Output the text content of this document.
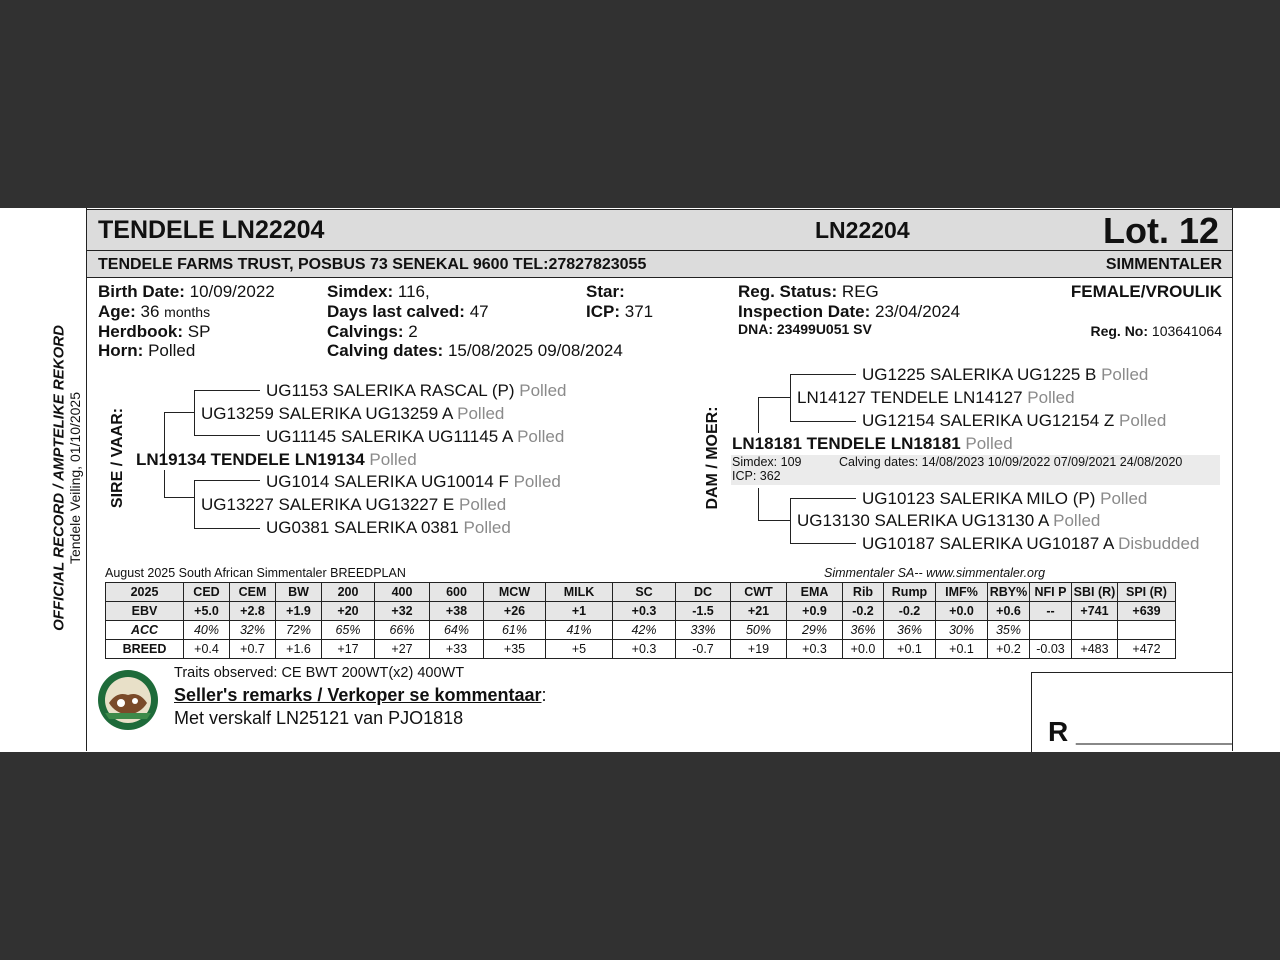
TENDELE LN22204	LN22204	Lot. 12
TENDELE FARMS TRUST, POSBUS 73 SENEKAL 9600 TEL:27827823055	SIMMENTALER
Birth Date: 10/09/2022
Age: 36 months
Herdbook: SP
Horn: Polled
Simdex: 116,
Days last calved: 47
Calvings: 2
Calving dates: 15/08/2025 09/08/2024
Star:
ICP: 371
Reg. Status: REG
Inspection Date: 23/04/2024
DNA: 23499U051 SV
FEMALE/VROULIK
Reg. No: 103641064
OFFICIAL RECORD / AMPTELIKE REKORD Tendele Veiling, 01/10/2025 SIRE / VAAR:	DAM / MOER:
UG1153 SALERIKA RASCAL (P) Polled
UG13259 SALERIKA UG13259 A Polled
UG11145 SALERIKA UG11145 A Polled
LN19134 TENDELE LN19134 Polled
UG1014 SALERIKA UG10014 F Polled
UG13227 SALERIKA UG13227 E Polled
UG0381 SALERIKA 0381 Polled
UG1225 SALERIKA UG1225 B Polled
LN14127 TENDELE LN14127 Polled
UG12154 SALERIKA UG12154 Z Polled
LN18181 TENDELE LN18181 Polled
Simdex: 109	Calving dates: 14/08/2023 10/09/2022 07/09/2021 24/08/2020
ICP: 362
UG10123 SALERIKA MILO (P) Polled
UG13130 SALERIKA UG13130 A Polled
UG10187 SALERIKA UG10187 A Disbudded
August 2025 South African Simmentaler BREEDPLAN	Simmentaler SA-- www.simmentaler.org
2025	CED	CEM	BW	200	400	600	MCW	MILK	SC	DC	CWT	EMA	Rib	Rump	IMF%	RBY%	NFI P	SBI (R)	SPI (R)
EBV	+5.0	+2.8	+1.9	+20	+32	+38	+26	+1	+0.3	-1.5	+21	+0.9	-0.2	-0.2	+0.0	+0.6	--	+741	+639
ACC	40%	32%	72%	65%	66%	64%	61%	41%	42%	33%	50%	29%	36%	36%	30%	35%			
BREED	+0.4	+0.7	+1.6	+17	+27	+33	+35	+5	+0.3	-0.7	+19	+0.3	+0.0	+0.1	+0.1	+0.2	-0.03	+483	+472
Traits observed: CE BWT 200WT(x2) 400WT
Seller's remarks / Verkoper se kommentaar:
Met verskalf LN25121 van PJO1818	R __________
